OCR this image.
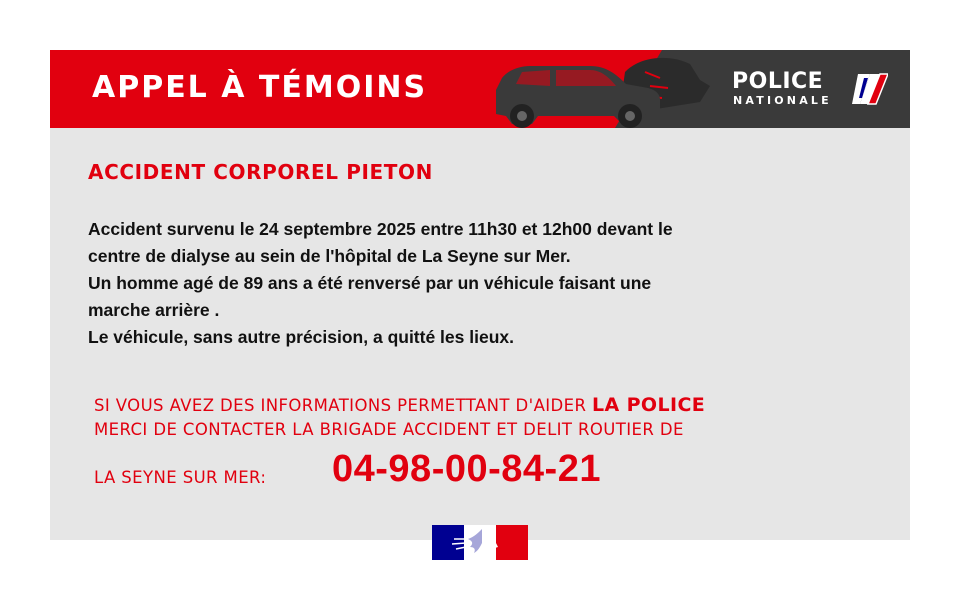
APPEL À TÉMOINS	POLICE
NATIONALE
ACCIDENT CORPOREL PIETON
Accident survenu le 24 septembre 2025 entre 11h30 et 12h00 devant le
centre de dialyse au sein de l'hôpital de La Seyne sur Mer.
Un homme agé de 89 ans a été renversé par un véhicule faisant une
marche arrière .
Le véhicule, sans autre précision, a quitté les lieux.
SI VOUS AVEZ DES INFORMATIONS PERMETTANT D'AIDER LA POLICE
MERCI DE CONTACTER LA BRIGADE ACCIDENT ET DELIT ROUTIER DE
LA SEYNE SUR MER: 04-98-00-84-21
